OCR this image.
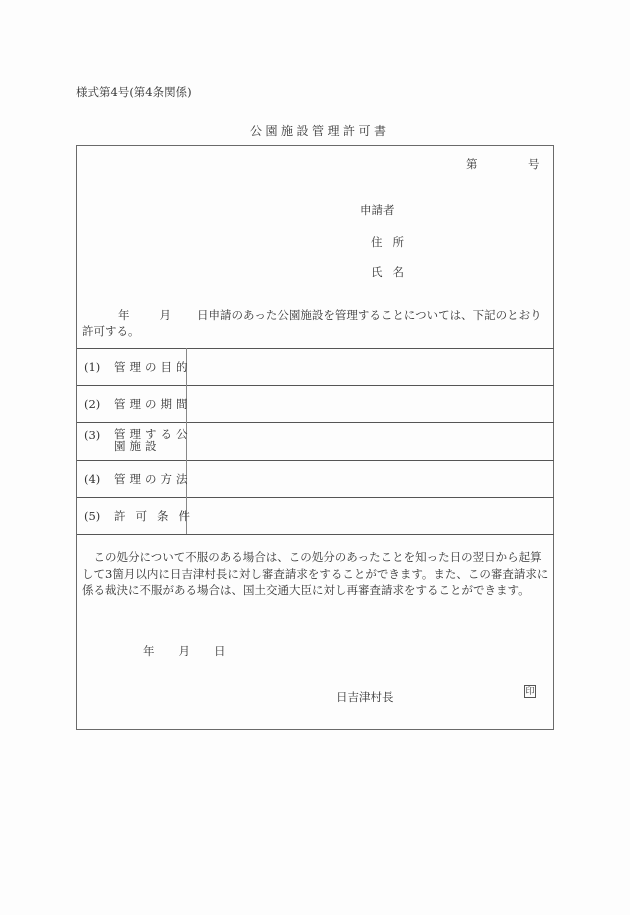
様式第4号(第4条関係)
公園施設管理許可書
第	号
申請者
住所
氏名
年	月 日申請のあった公園施設を管理することについては、下記のとおり許可する。
(1) 管理の目的
(2) 管理の期間
(3) 管理する公園施設
(4) 管理の方法
(5) 許可条件
この処分について不服のある場合は、この処分のあったことを知った日の翌日から起算して3箇月以内に日吉津村長に対し審査請求をすることができます。また、この審査請求に係る裁決に不服がある場合は、国土交通大臣に対し再審査請求をすることができます。
年 月 日
日吉津村長	印
